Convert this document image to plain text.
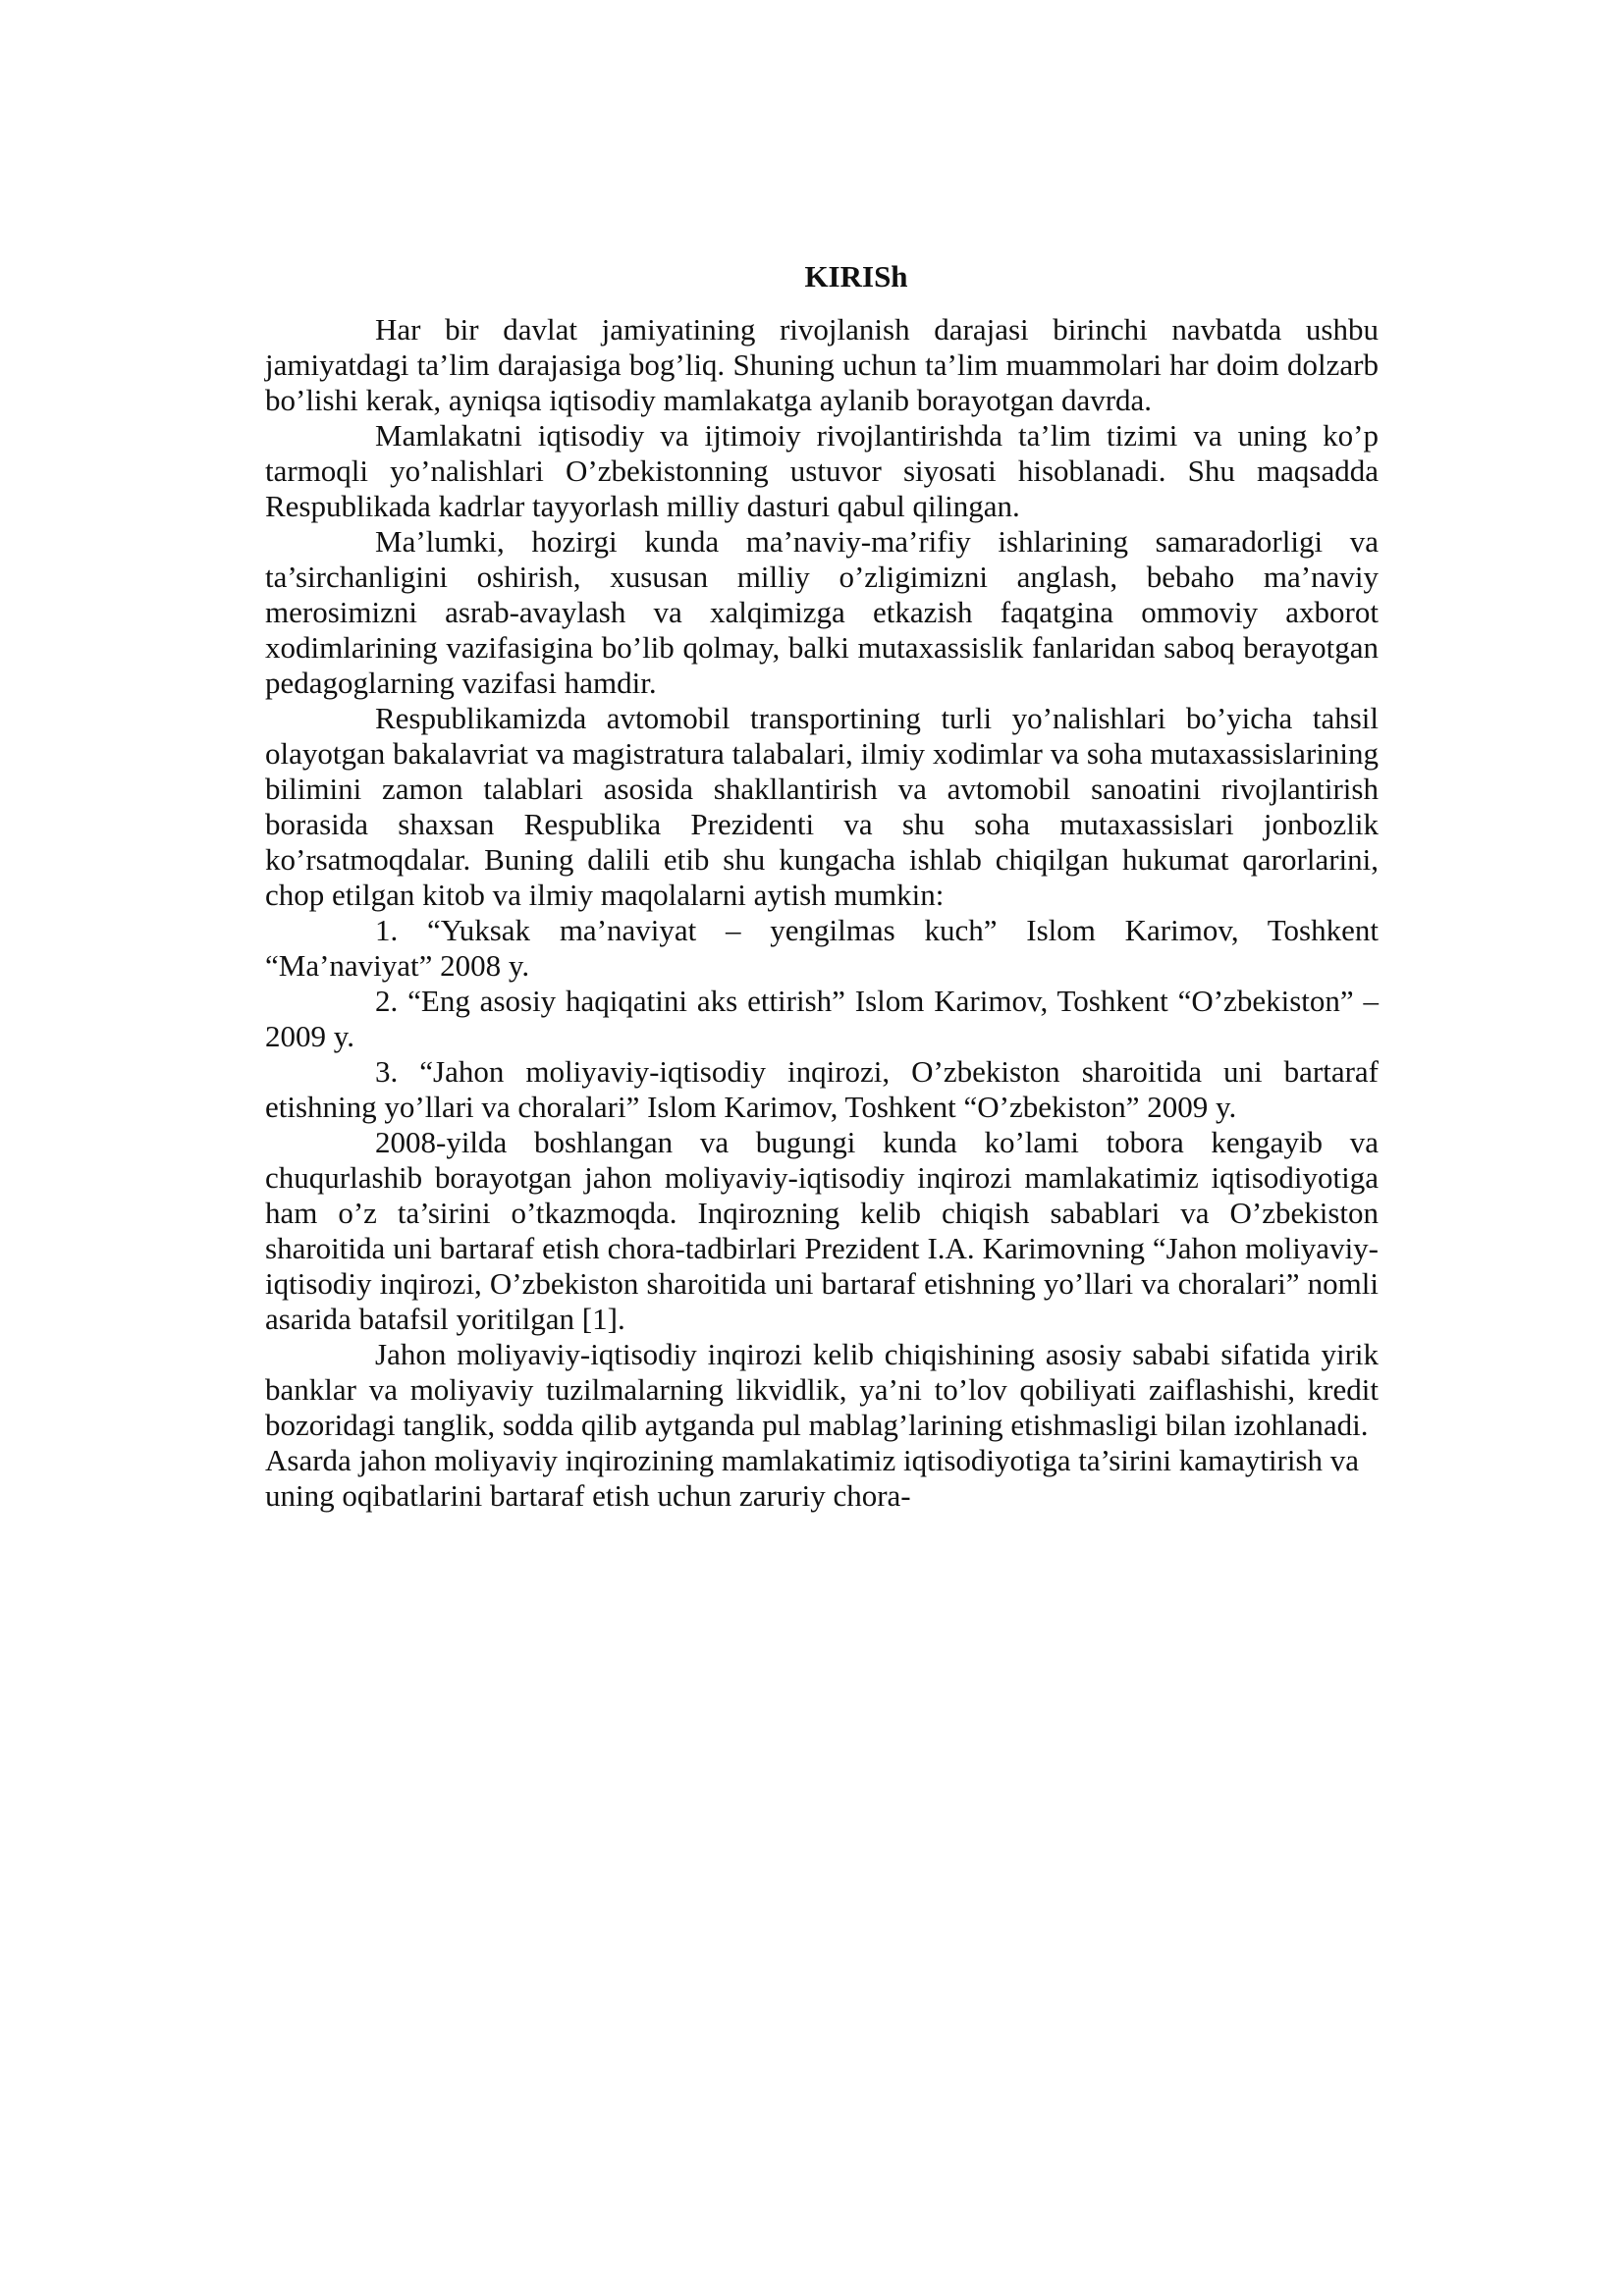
KIRISh

Har bir davlat jamiyatining rivojlanish darajasi birinchi navbatda ushbu jamiyatdagi ta’lim darajasiga bog’liq. Shuning uchun ta’lim muammolari har doim dolzarb bo’lishi kerak, ayniqsa iqtisodiy mamlakatga aylanib borayotgan davrda.

Mamlakatni iqtisodiy va ijtimoiy rivojlantirishda ta’lim tizimi va uning ko’p tarmoqli yo’nalishlari O’zbekistonning ustuvor siyosati hisoblanadi. Shu maqsadda Respublikada kadrlar tayyorlash milliy dasturi qabul qilingan.

Ma’lumki, hozirgi kunda ma’naviy-ma’rifiy ishlarining samaradorligi va ta’sirchanligini oshirish, xususan milliy o’zligimizni anglash, bebaho ma’naviy merosimizni asrab-avaylash va xalqimizga etkazish faqatgina ommoviy axborot xodimlarining vazifasigina bo’lib qolmay, balki mutaxassislik fanlaridan saboq berayotgan pedagoglarning vazifasi hamdir.

Respublikamizda avtomobil transportining turli yo’nalishlari bo’yicha tahsil olayotgan bakalavriat va magistratura talabalari, ilmiy xodimlar va soha mutaxassislarining bilimini zamon talablari asosida shakllantirish va avtomobil sanoatini rivojlantirish borasida shaxsan Respublika Prezidenti va shu soha mutaxassislari jonbozlik ko’rsatmoqdalar. Buning dalili etib shu kungacha ishlab chiqilgan hukumat qarorlarini, chop etilgan kitob va ilmiy maqolalarni aytish mumkin:

1. “Yuksak ma’naviyat – yengilmas kuch” Islom Karimov, Toshkent “Ma’naviyat” 2008 y.

2. “Eng asosiy haqiqatini aks ettirish” Islom Karimov, Toshkent “O’zbekiston” – 2009 y.

3. “Jahon moliyaviy-iqtisodiy inqirozi, O’zbekiston sharoitida uni bartaraf etishning yo’llari va choralari” Islom Karimov, Toshkent “O’zbekiston” 2009 y.

2008-yilda boshlangan va bugungi kunda ko’lami tobora kengayib va chuqurlashib borayotgan jahon moliyaviy-iqtisodiy inqirozi mamlakatimiz iqtisodiyotiga ham o’z ta’sirini o’tkazmoqda. Inqirozning kelib chiqish sabablari va O’zbekiston sharoitida uni bartaraf etish chora-tadbirlari Prezident I.A. Karimovning “Jahon moliyaviy-iqtisodiy inqirozi, O’zbekiston sharoitida uni bartaraf etishning yo’llari va choralari” nomli asarida batafsil yoritilgan [1].

Jahon moliyaviy-iqtisodiy inqirozi kelib chiqishining asosiy sababi sifatida yirik banklar va moliyaviy tuzilmalarning likvidlik, ya’ni to’lov qobiliyati zaiflashishi, kredit bozoridagi tanglik, sodda qilib aytganda pul mablag’larining etishmasligi bilan izohlanadi.

Asarda jahon moliyaviy inqirozining mamlakatimiz iqtisodiyotiga ta’sirini kamaytirish va uning oqibatlarini bartaraf etish uchun zaruriy chora-
